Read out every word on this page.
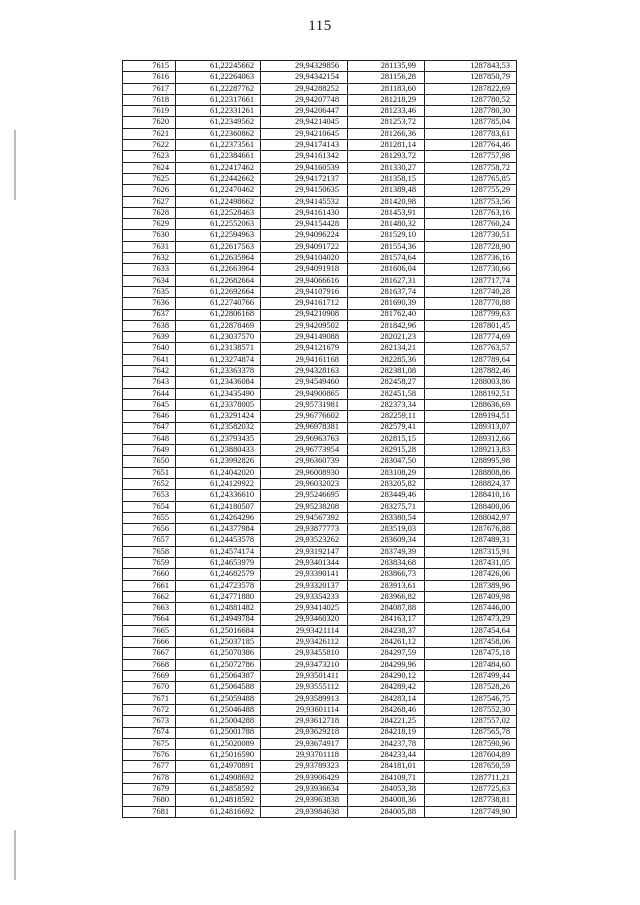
115
7615	61,22245662	29,94329856	281135,99	1287843,53
7616	61,22264063	29,94342154	281156,28	1287850,79
7617	61,22287762	29,94288252	281183,60	1287822,69
7618	61,22317661	29,94207748	281218,29	1287780,52
7619	61,22331261	29,94206447	281233,46	1287780,30
7620	61,22349562	29,94214045	281253,72	1287785,04
7621	61,22360862	29,94210645	281266,36	1287783,61
7622	61,22373561	29,94174143	281281,14	1287764,46
7623	61,22384661	29,94161342	281293,72	1287757,98
7624	61,22417462	29,94160539	281330,27	1287758,72
7625	61,22442662	29,94172137	281358,15	1287765,85
7626	61,22470462	29,94150635	281389,48	1287755,29
7627	61,22498662	29,94145532	281420,98	1287753,56
7628	61,22528463	29,94161430	281453,91	1287763,16
7629	61,22552063	29,94154428	281480,32	1287760,24
7630	61,22594963	29,94096224	281529,10	1287730,51
7631	61,22617563	29,94091722	281554,36	1287728,90
7632	61,22635964	29,94104020	281574,64	1287736,16
7633	61,22663964	29,94091918	281606,04	1287730,66
7634	61,22682664	29,94066616	281627,31	1287717,74
7635	61,22692664	29,94107916	281637,74	1287740,28
7636	61,22740766	29,94161712	281690,39	1287770,88
7637	61,22806168	29,94210908	281762,40	1287799,63
7638	61,22878469	29,94209502	281842,96	1287801,45
7639	61,23037570	29,94149088	282021,23	1287774,69
7640	61,23138571	29,94121679	282134,21	1287763,57
7641	61,23274874	29,94161168	282285,36	1287789,64
7642	61,23363378	29,94328163	282381,08	1287882,46
7643	61,23436084	29,94549460	282458,27	1288003,86
7644	61,23435490	29,94900865	282451,58	1288192,51
7645	61,23378005	29,95731981	282373,34	1288636,69
7646	61,23291424	29,96776602	282259,11	1289194,51
7647	61,23582032	29,96978381	282579,41	1289313,07
7648	61,23793435	29,96963763	282815,15	1289312,66
7649	61,23880433	29,96773954	282915,28	1289213,83
7650	61,23992826	29,96360739	283047,50	1288995,98
7651	61,24042020	29,96008930	283108,29	1288808,86
7652	61,24129922	29,96032023	283205,82	1288824,37
7653	61,24336610	29,95246695	283449,46	1288410,16
7654	61,24180507	29,95238208	283275,71	1288400,06
7655	61,24264296	29,94567392	283380,54	1288042,97
7656	61,24377984	29,93877773	283519,03	1287676,88
7657	61,24453578	29,93523262	283609,34	1287489,31
7658	61,24574174	29,93192147	283749,39	1287315,91
7659	61,24653979	29,93401344	283834,68	1287431,05
7660	61,24682579	29,93390141	283866,73	1287426,06
7661	61,24723578	29,93320137	283913,61	1287389,96
7662	61,24771880	29,93354233	283966,82	1287409,98
7663	61,24881482	29,93414025	284087,88	1287446,00
7664	61,24949784	29,93460320	284163,17	1287473,29
7665	61,25016684	29,93421114	284238,37	1287454,64
7666	61,25037185	29,93426112	284261,12	1287458,06
7667	61,25070386	29,93455810	284297,59	1287475,18
7668	61,25072786	29,93473210	284299,96	1287484,60
7669	61,25064387	29,93501411	284290,12	1287499,44
7670	61,25064588	29,93555112	284289,42	1287528,26
7671	61,25059488	29,93589913	284283,14	1287546,75
7672	61,25046488	29,93601114	284268,46	1287552,30
7673	61,25004288	29,93612718	284221,25	1287557,02
7674	61,25001788	29,93629218	284218,19	1287565,78
7675	61,25020089	29,93674917	284237,78	1287590,96
7676	61,25016590	29,93701118	284233,44	1287604,89
7677	61,24970891	29,93789323	284181,01	1287650,59
7678	61,24908692	29,93906429	284109,71	1287711,21
7679	61,24858592	29,93936634	284053,38	1287725,63
7680	61,24818592	29,93963838	284008,36	1287738,81
7681	61,24816692	29,93984638	284005,88	1287749,90
